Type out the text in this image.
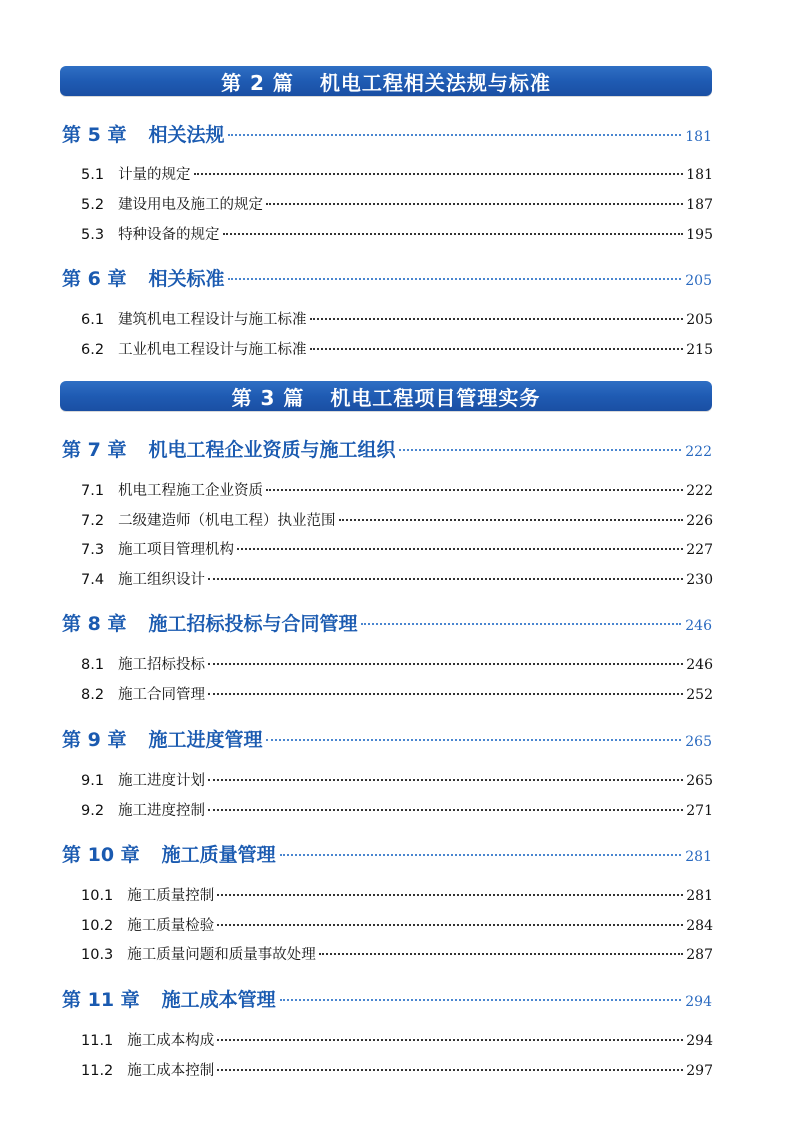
第 2 篇 机电工程相关法规与标准
第 5 章 相关法规	181
5.1 计量的规定	181
5.2 建设用电及施工的规定	187
5.3 特种设备的规定	195
第 6 章 相关标准	205
6.1 建筑机电工程设计与施工标准	205
6.2 工业机电工程设计与施工标准	215
第 3 篇 机电工程项目管理实务
第 7 章 机电工程企业资质与施工组织	222
7.1 机电工程施工企业资质	222
7.2 二级建造师（机电工程）执业范围	226
7.3 施工项目管理机构	227
7.4 施工组织设计	230
第 8 章 施工招标投标与合同管理	246
8.1 施工招标投标	246
8.2 施工合同管理	252
第 9 章 施工进度管理	265
9.1 施工进度计划	265
9.2 施工进度控制	271
第 10 章 施工质量管理	281
10.1 施工质量控制	281
10.2 施工质量检验	284
10.3 施工质量问题和质量事故处理	287
第 11 章 施工成本管理	294
11.1 施工成本构成	294
11.2 施工成本控制	297
